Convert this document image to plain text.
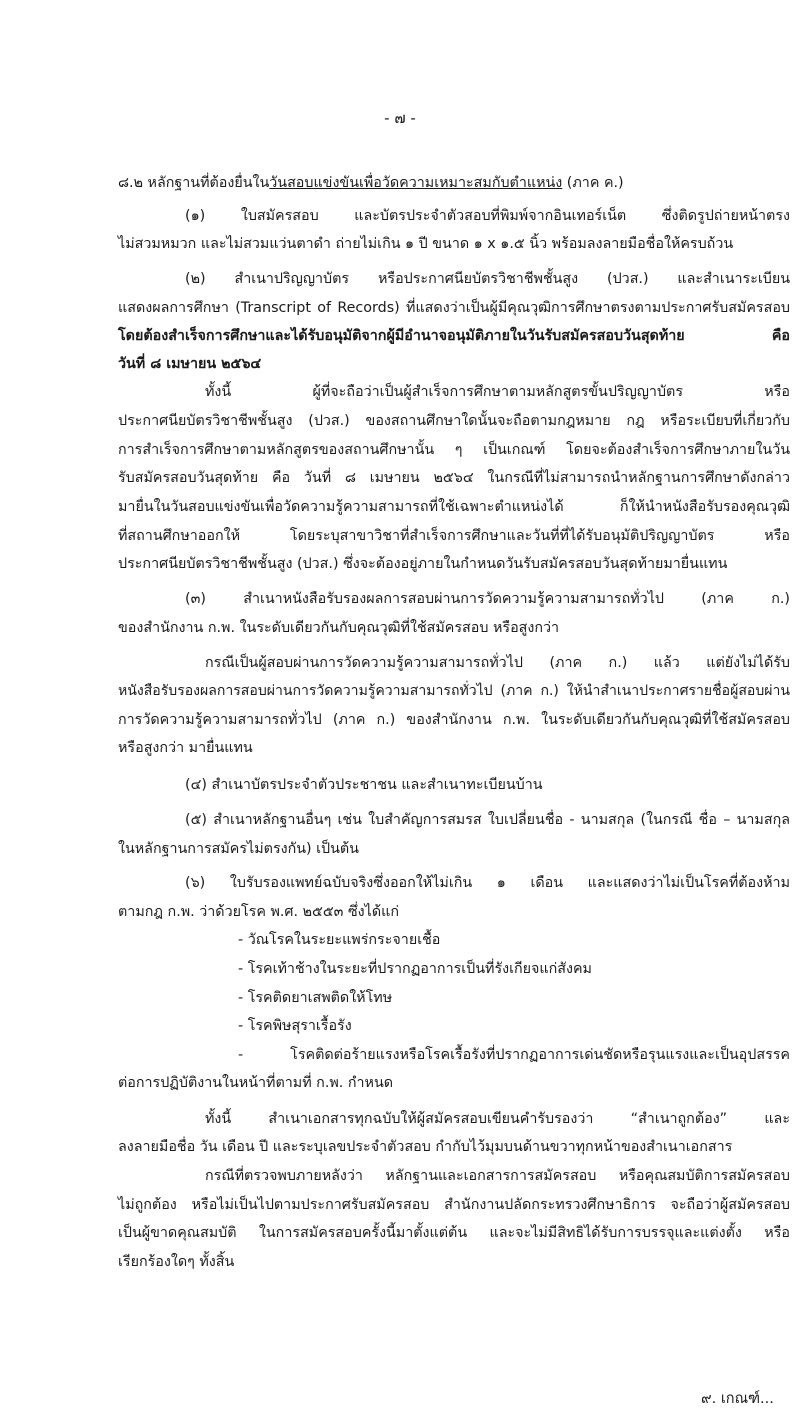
- ๗ -
๘.๒ หลักฐานที่ต้องยื่นในวันสอบแข่งขันเพื่อวัดความเหมาะสมกับตำแหน่ง (ภาค ค.)
(๑) ใบสมัครสอบ และบัตรประจำตัวสอบที่พิมพ์จากอินเทอร์เน็ต ซึ่งติดรูปถ่ายหน้าตรง
ไม่สวมหมวก และไม่สวมแว่นตาดำ ถ่ายไม่เกิน ๑ ปี ขนาด ๑ x ๑.๕ นิ้ว พร้อมลงลายมือชื่อให้ครบถ้วน
(๒) สำเนาปริญญาบัตร หรือประกาศนียบัตรวิชาชีพชั้นสูง (ปวส.) และสำเนาระเบียน
แสดงผลการศึกษา (Transcript of Records) ที่แสดงว่าเป็นผู้มีคุณวุฒิการศึกษาตรงตามประกาศรับสมัครสอบ
โดยต้องสำเร็จการศึกษาและได้รับอนุมัติจากผู้มีอำนาจอนุมัติภายในวันรับสมัครสอบวันสุดท้าย คือ
วันที่ ๘ เมษายน ๒๕๖๔
ทั้งนี้ ผู้ที่จะถือว่าเป็นผู้สำเร็จการศึกษาตามหลักสูตรขั้นปริญญาบัตร หรือ
ประกาศนียบัตรวิชาชีพชั้นสูง (ปวส.) ของสถานศึกษาใดนั้นจะถือตามกฎหมาย กฎ หรือระเบียบที่เกี่ยวกับ
การสำเร็จการศึกษาตามหลักสูตรของสถานศึกษานั้น ๆ เป็นเกณฑ์ โดยจะต้องสำเร็จการศึกษาภายในวัน
รับสมัครสอบวันสุดท้าย คือ วันที่ ๘ เมษายน ๒๕๖๔ ในกรณีที่ไม่สามารถนำหลักฐานการศึกษาดังกล่าว
มายื่นในวันสอบแข่งขันเพื่อวัดความรู้ความสามารถที่ใช้เฉพาะตำแหน่งได้ ก็ให้นำหนังสือรับรองคุณวุฒิ
ที่สถานศึกษาออกให้ โดยระบุสาขาวิชาที่สำเร็จการศึกษาและวันที่ที่ได้รับอนุมัติปริญญาบัตร หรือ
ประกาศนียบัตรวิชาชีพชั้นสูง (ปวส.) ซึ่งจะต้องอยู่ภายในกำหนดวันรับสมัครสอบวันสุดท้ายมายื่นแทน
(๓) สำเนาหนังสือรับรองผลการสอบผ่านการวัดความรู้ความสามารถทั่วไป (ภาค ก.)
ของสำนักงาน ก.พ. ในระดับเดียวกันกับคุณวุฒิที่ใช้สมัครสอบ หรือสูงกว่า
กรณีเป็นผู้สอบผ่านการวัดความรู้ความสามารถทั่วไป (ภาค ก.) แล้ว แต่ยังไม่ได้รับ
หนังสือรับรองผลการสอบผ่านการวัดความรู้ความสามารถทั่วไป (ภาค ก.) ให้นำสำเนาประกาศรายชื่อผู้สอบผ่าน
การวัดความรู้ความสามารถทั่วไป (ภาค ก.) ของสำนักงาน ก.พ. ในระดับเดียวกันกับคุณวุฒิที่ใช้สมัครสอบ
หรือสูงกว่า มายื่นแทน
(๔) สำเนาบัตรประจำตัวประชาชน และสำเนาทะเบียนบ้าน
(๕) สำเนาหลักฐานอื่นๆ เช่น ใบสำคัญการสมรส ใบเปลี่ยนชื่อ - นามสกุล (ในกรณี ชื่อ – นามสกุล
ในหลักฐานการสมัครไม่ตรงกัน) เป็นต้น
(๖) ใบรับรองแพทย์ฉบับจริงซึ่งออกให้ไม่เกิน ๑ เดือน และแสดงว่าไม่เป็นโรคที่ต้องห้าม
ตามกฎ ก.พ. ว่าด้วยโรค พ.ศ. ๒๕๕๓ ซึ่งได้แก่
- วัณโรคในระยะแพร่กระจายเชื้อ
- โรคเท้าช้างในระยะที่ปรากฏอาการเป็นที่รังเกียจแก่สังคม
- โรคติดยาเสพติดให้โทษ
- โรคพิษสุราเรื้อรัง
- โรคติดต่อร้ายแรงหรือโรคเรื้อรังที่ปรากฏอาการเด่นชัดหรือรุนแรงและเป็นอุปสรรค
ต่อการปฏิบัติงานในหน้าที่ตามที่ ก.พ. กำหนด
ทั้งนี้ สำเนาเอกสารทุกฉบับให้ผู้สมัครสอบเขียนคำรับรองว่า “สำเนาถูกต้อง” และ
ลงลายมือชื่อ วัน เดือน ปี และระบุเลขประจำตัวสอบ กำกับไว้มุมบนด้านขวาทุกหน้าของสำเนาเอกสาร
กรณีที่ตรวจพบภายหลังว่า หลักฐานและเอกสารการสมัครสอบ หรือคุณสมบัติการสมัครสอบ
ไม่ถูกต้อง หรือไม่เป็นไปตามประกาศรับสมัครสอบ สำนักงานปลัดกระทรวงศึกษาธิการ จะถือว่าผู้สมัครสอบ
เป็นผู้ขาดคุณสมบัติ ในการสมัครสอบครั้งนี้มาตั้งแต่ต้น และจะไม่มีสิทธิได้รับการบรรจุและแต่งตั้ง หรือ
เรียกร้องใดๆ ทั้งสิ้น
๙. เกณฑ์...
